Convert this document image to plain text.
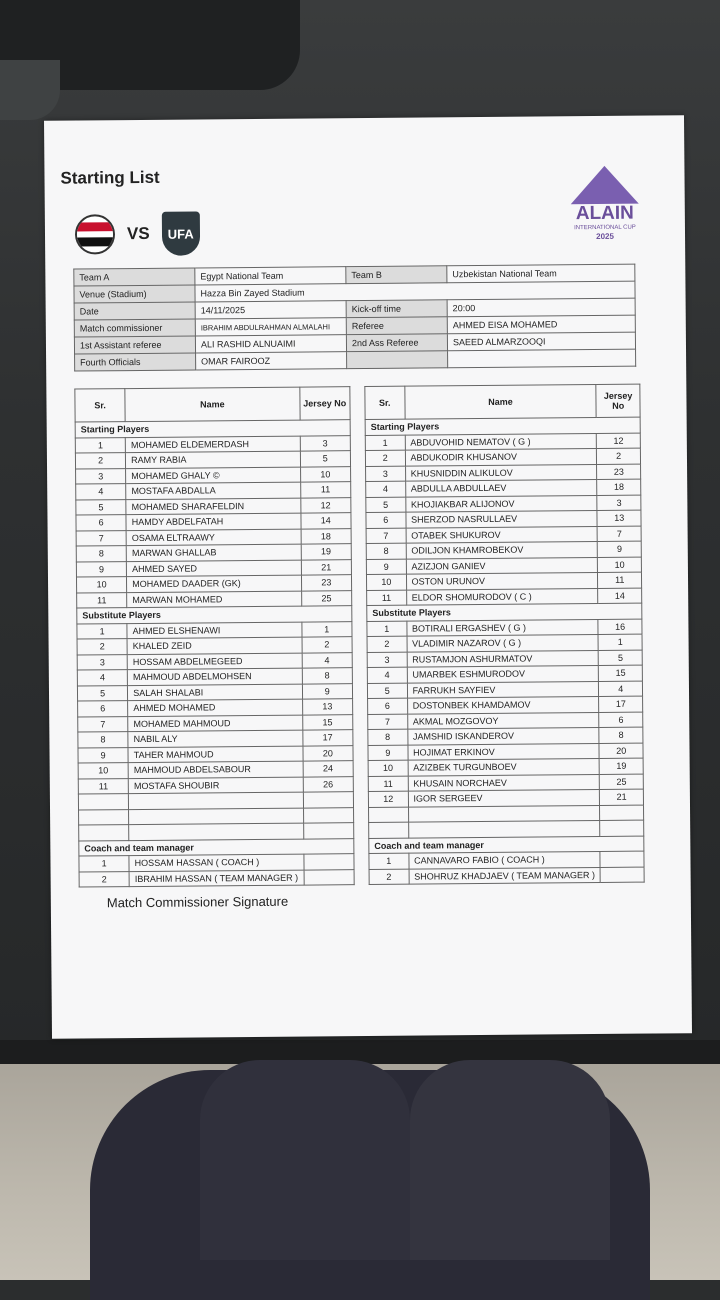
Starting List
VS	UFA
ALAIN
INTERNATIONAL CUP
2025
Team A	Egypt National Team	Team B	Uzbekistan National Team
Venue (Stadium)	Hazza Bin Zayed Stadium		
Date	14/11/2025	Kick-off time	20:00
Match commissioner	IBRAHIM ABDULRAHMAN ALMALAHI	Referee	AHMED EISA MOHAMED
1st Assistant referee	ALI RASHID ALNUAIMI	2nd Ass Referee	SAEED ALMARZOOQI
Fourth Officials	OMAR FAIROOZ		
Sr.	Name	Jersey No
Starting Players		
1	MOHAMED ELDEMERDASH	3
2	RAMY RABIA	5
3	MOHAMED GHALY ©	10
4	MOSTAFA ABDALLA	11
5	MOHAMED SHARAFELDIN	12
6	HAMDY ABDELFATAH	14
7	OSAMA ELTRAAWY	18
8	MARWAN GHALLAB	19
9	AHMED SAYED	21
10	MOHAMED DAADER (GK)	23
11	MARWAN MOHAMED	25
Substitute Players		
1	AHMED ELSHENAWI	1
2	KHALED ZEID	2
3	HOSSAM ABDELMEGEED	4
4	MAHMOUD ABDELMOHSEN	8
5	SALAH SHALABI	9
6	AHMED MOHAMED	13
7	MOHAMED MAHMOUD	15
8	NABIL ALY	17
9	TAHER MAHMOUD	20
10	MAHMOUD ABDELSABOUR	24
11	MOSTAFA SHOUBIR	26

Coach and team manager		
1	HOSSAM HASSAN ( COACH )	
2	IBRAHIM HASSAN ( TEAM MANAGER )	
Sr.	Name	Jersey No
Starting Players		
1	ABDUVOHID NEMATOV ( G )	12
2	ABDUKODIR KHUSANOV	2
3	KHUSNIDDIN ALIKULOV	23
4	ABDULLA ABDULLAEV	18
5	KHOJIAKBAR ALIJONOV	3
6	SHERZOD NASRULLAEV	13
7	OTABEK SHUKUROV	7
8	ODILJON KHAMROBEKOV	9
9	AZIZJON GANIEV	10
10	OSTON URUNOV	11
11	ELDOR SHOMURODOV ( C )	14
Substitute Players		
1	BOTIRALI ERGASHEV ( G )	16
2	VLADIMIR NAZAROV ( G )	1
3	RUSTAMJON ASHURMATOV	5
4	UMARBEK ESHMURODOV	15
5	FARRUKH SAYFIEV	4
6	DOSTONBEK KHAMDAMOV	17
7	AKMAL MOZGOVOY	6
8	JAMSHID ISKANDEROV	8
9	HOJIMAT ERKINOV	20
10	AZIZBEK TURGUNBOEV	19
11	KHUSAIN NORCHAEV	25
12	IGOR SERGEEV	21

Coach and team manager		
1	CANNAVARO FABIO ( COACH )	
2	SHOHRUZ KHADJAEV ( TEAM MANAGER )	
Match Commissioner Signature
